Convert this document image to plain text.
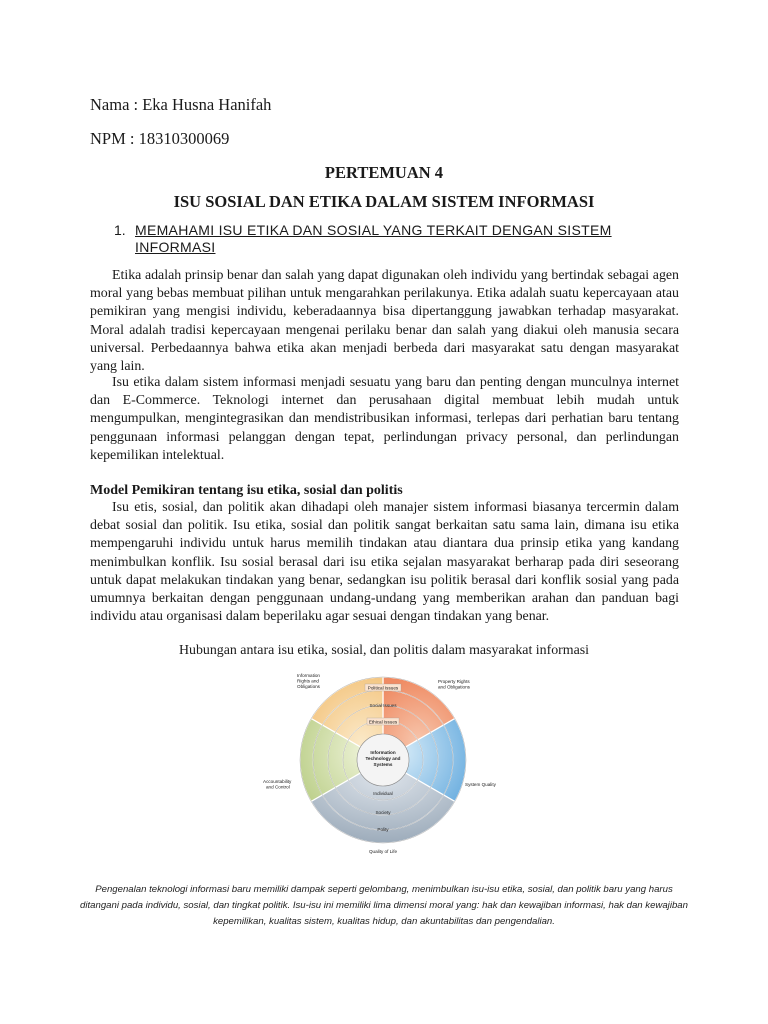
Nama : Eka Husna Hanifah
NPM : 18310300069
PERTEMUAN 4
ISU SOSIAL DAN ETIKA DALAM SISTEM INFORMASI
1. MEMAHAMI ISU ETIKA DAN SOSIAL YANG TERKAIT DENGAN SISTEM INFORMASI

Etika adalah prinsip benar dan salah yang dapat digunakan oleh individu yang bertindak sebagai agen moral yang bebas membuat pilihan untuk mengarahkan perilakunya. Etika adalah suatu kepercayaan atau pemikiran yang mengisi individu, keberadaannya bisa dipertanggung jawabkan terhadap masyarakat. Moral adalah tradisi kepercayaan mengenai perilaku benar dan salah yang diakui oleh manusia secara universal. Perbedaannya bahwa etika akan menjadi berbeda dari masyarakat satu dengan masyarakat yang lain.

Isu etika dalam sistem informasi menjadi sesuatu yang baru dan penting dengan munculnya internet dan E-Commerce. Teknologi internet dan perusahaan digital membuat lebih mudah untuk mengumpulkan, mengintegrasikan dan mendistribusikan informasi, terlepas dari perhatian baru tentang penggunaan informasi pelanggan dengan tepat, perlindungan privacy personal, dan perlindungan kepemilikan intelektual.

Model Pemikiran tentang isu etika, sosial dan politis

Isu etis, sosial, dan politik akan dihadapi oleh manajer sistem informasi biasanya tercermin dalam debat sosial dan politik. Isu etika, sosial dan politik sangat berkaitan satu sama lain, dimana isu etika mempengaruhi individu untuk harus memilih tindakan atau diantara dua prinsip etika yang kandang menimbulkan konflik. Isu sosial berasal dari isu etika sejalan masyarakat berharap pada diri seseorang untuk dapat melakukan tindakan yang benar, sedangkan isu politik berasal dari konflik sosial yang pada umumnya berkaitan dengan penggunaan undang-undang yang memberikan arahan dan panduan bagi individu atau organisasi dalam beperilaku agar sesuai dengan tindakan yang benar.

Hubungan antara isu etika, sosial, dan politis dalam masyarakat informasi
Information
Technology and
Systems
Political Issues
Social Issues
Ethical Issues
Individual
Society
Polity
Information
Rights and
Obligations
Property Rights
and Obligations
Accountability
and Control	System Quality
Quality of Life
Pengenalan teknologi informasi baru memiliki dampak seperti gelombang, menimbulkan isu-isu etika, sosial, dan politik baru yang harus ditangani pada individu, sosial, dan tingkat politik. Isu-isu ini memiliki lima dimensi moral yang: hak dan kewajiban informasi, hak dan kewajiban kepemilikan, kualitas sistem, kualitas hidup, dan akuntabilitas dan pengendalian.
